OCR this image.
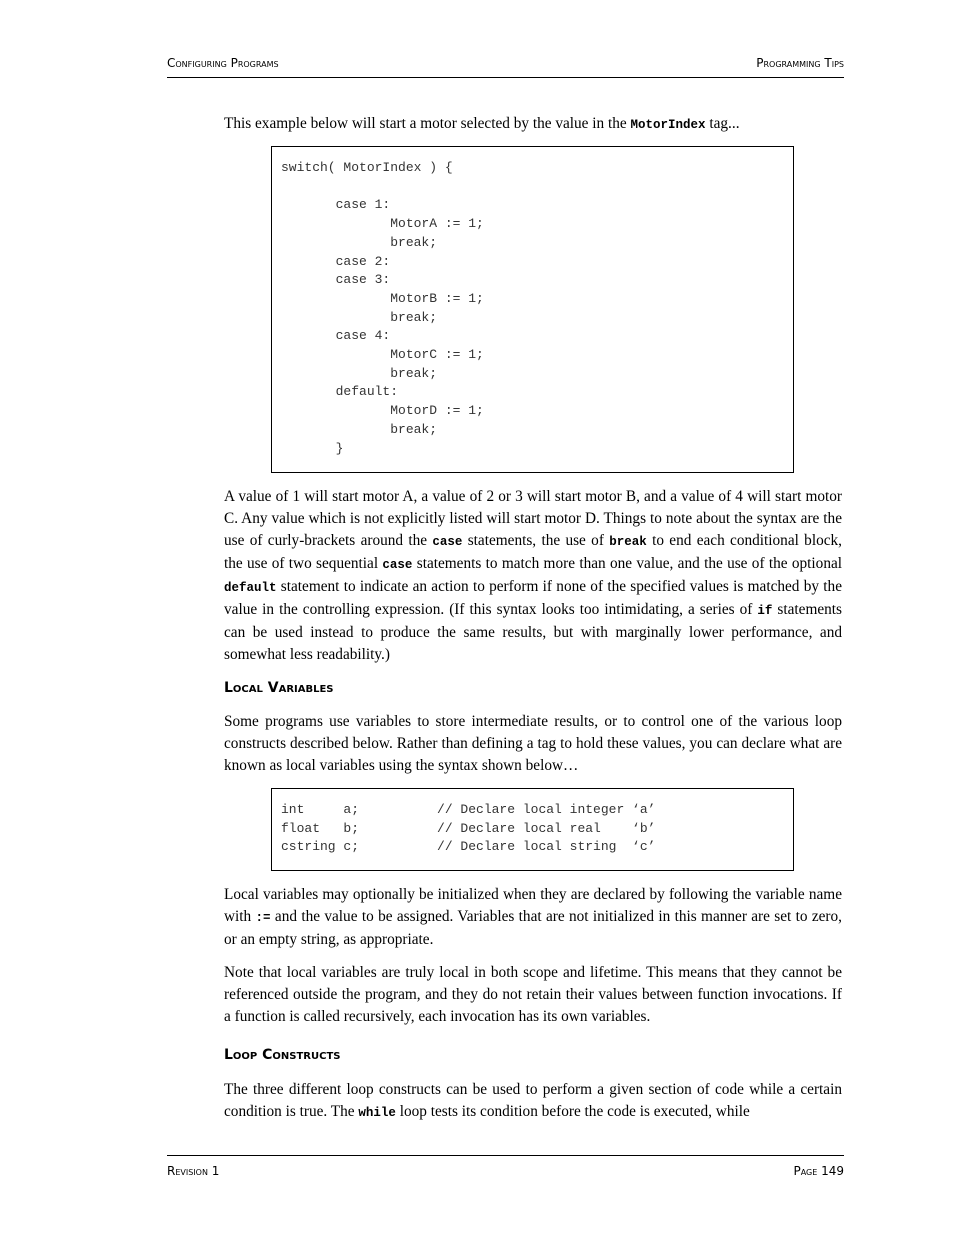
Configuring Programs	Programming Tips

This example below will start a motor selected by the value in the MotorIndex tag...

switch( MotorIndex ) {

	case 1:
		MotorA := 1;
		break;
	case 2:
	case 3:
		MotorB := 1;
		break;
	case 4:
		MotorC := 1;
		break;
	default:
		MotorD := 1;
		break;
	}

A value of 1 will start motor A, a value of 2 or 3 will start motor B, and a value of 4 will start motor C. Any value which is not explicitly listed will start motor D. Things to note about the syntax are the use of curly-brackets around the case statements, the use of break to end each conditional block, the use of two sequential case statements to match more than one value, and the use of the optional default statement to indicate an action to perform if none of the specified values is matched by the value in the controlling expression. (If this syntax looks too intimidating, a series of if statements can be used instead to produce the same results, but with marginally lower performance, and somewhat less readability.)

Local Variables

Some programs use variables to store intermediate results, or to control one of the various loop constructs described below. Rather than defining a tag to hold these values, you can declare what are known as local variables using the syntax shown below…

int     a;          // Declare local integer ‘a’
float   b;          // Declare local real    ‘b’
cstring c;          // Declare local string  ‘c’

Local variables may optionally be initialized when they are declared by following the variable name with := and the value to be assigned. Variables that are not initialized in this manner are set to zero, or an empty string, as appropriate.

Note that local variables are truly local in both scope and lifetime. This means that they cannot be referenced outside the program, and they do not retain their values between function invocations. If a function is called recursively, each invocation has its own variables.

Loop Constructs

The three different loop constructs can be used to perform a given section of code while a certain condition is true. The while loop tests its condition before the code is executed, while

Revision 1	Page 149
